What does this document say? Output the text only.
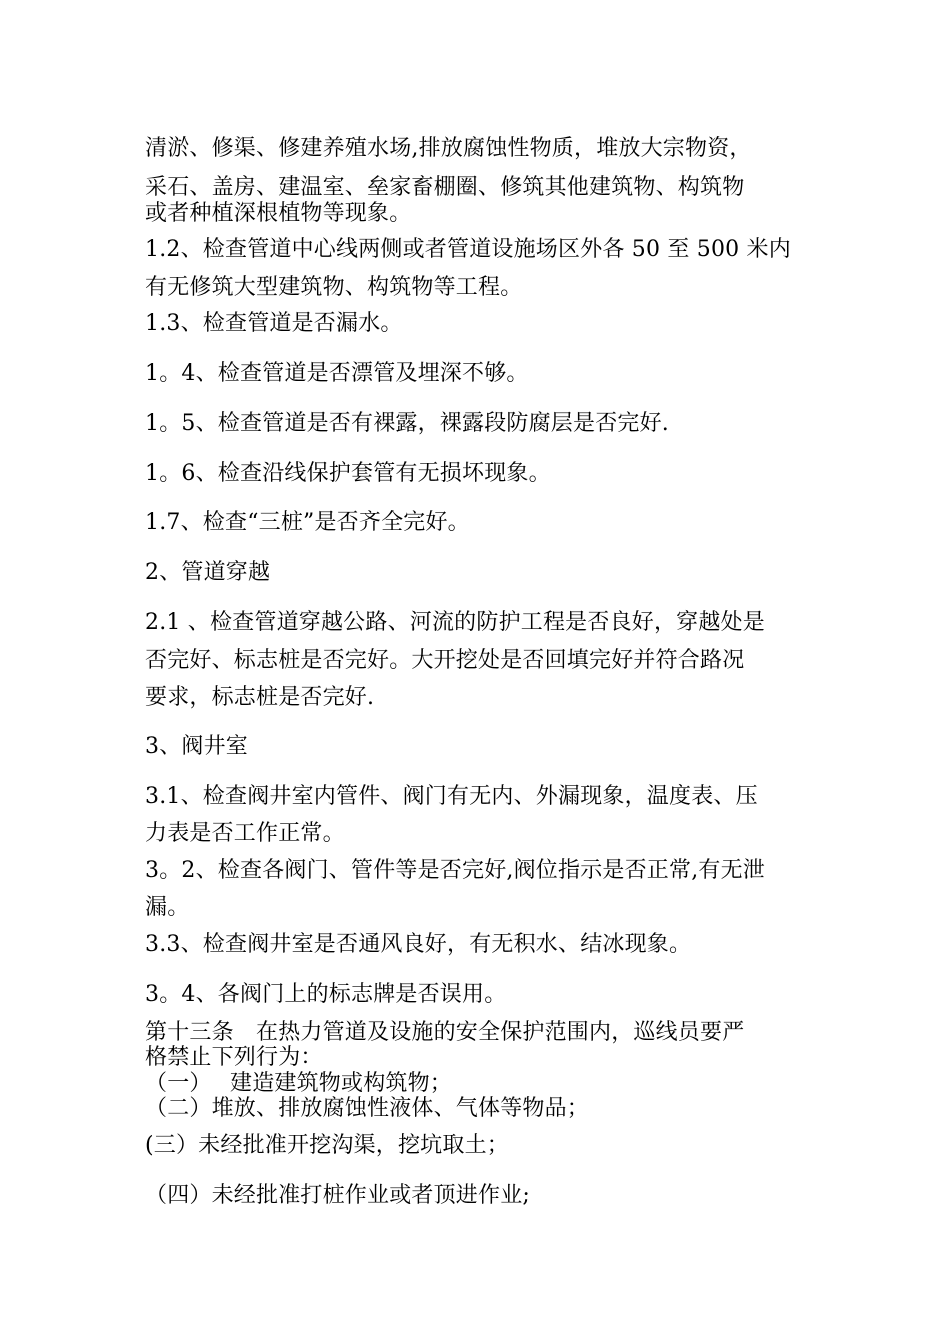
清淤、修渠、修建养殖水场,排放腐蚀性物质，堆放大宗物资，
采石、盖房、建温室、垒家畜棚圈、修筑其他建筑物、构筑物
或者种植深根植物等现象。
1.2、检查管道中心线两侧或者管道设施场区外各 50 至 500 米内
有无修筑大型建筑物、构筑物等工程。
1.3、检查管道是否漏水。
1。4、检查管道是否漂管及埋深不够。
1。5、检查管道是否有裸露，裸露段防腐层是否完好.
1。6、检查沿线保护套管有无损坏现象。
1.7、检查“三桩”是否齐全完好。
2、管道穿越
2.1 、检查管道穿越公路、河流的防护工程是否良好，穿越处是
否完好、标志桩是否完好。大开挖处是否回填完好并符合路况
要求，标志桩是否完好.
3、阀井室
3.1、检查阀井室内管件、阀门有无内、外漏现象，温度表、压
力表是否工作正常。
3。2、检查各阀门、管件等是否完好,阀位指示是否正常,有无泄
漏。
3.3、检查阀井室是否通风良好，有无积水、结冰现象。
3。4、各阀门上的标志牌是否误用。
第十三条　在热力管道及设施的安全保护范围内，巡线员要严
格禁止下列行为：
（一）　 建造建筑物或构筑物；
（二）堆放、排放腐蚀性液体、气体等物品；
(三）未经批准开挖沟渠，挖坑取土；
（四）未经批准打桩作业或者顶进作业;
